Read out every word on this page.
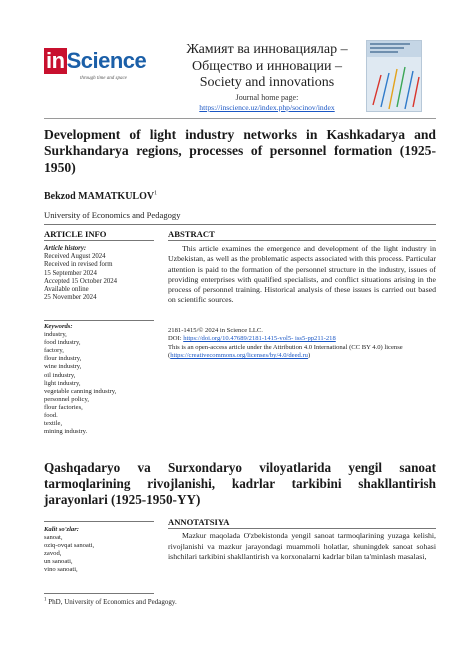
inScience
through time and space
Жамият ва инновациялар –
Общество и инновации –
Society and innovations
Journal home page:
https://inscience.uz/index.php/socinov/index
Development of light industry networks in Kashkadarya and Surkhandarya regions, processes of personnel formation (1925-1950)
Bekzod MAMATKULOV$^1$
University of Economics and Pedagogy
ARTICLE INFO	ABSTRACT
Article history:
Received August 2024
Received in revised form
15 September 2024
Accepted 15 October 2024
Available online
25 November 2024
Keywords:
industry,
food industry,
factory,
flour industry,
wine industry,
oil industry,
light industry,
vegetable canning industry,
personnel policy,
flour factories,
food.
textile,
mining industry.

This article examines the emergence and development of the light industry in Uzbekistan, as well as the problematic aspects associated with this process. Particular attention is paid to the formation of the personnel structure in the industry, issues of providing enterprises with qualified specialists, and conflict situations arising in the process of personnel training. Historical analysis of these issues is carried out based on scientific sources.

2181-1415/© 2024 in Science LLC.
DOI: https://doi.org/10.47689/2181-1415-vol5- iss5-pp211-218
This is an open-access article under the Attribution 4.0 International (CC BY 4.0) license (https://creativecommons.org/licenses/by/4.0/deed.ru)
Qashqadaryo va Surxondaryo viloyatlarida yengil sanoat tarmoqlarining rivojlanishi, kadrlar tarkibini shakllantirish jarayonlari (1925-1950-YY)
Kalit so'zlar:
sanoat,
oziq-ovqat sanoati,
zavod,
un sanoati,
vino sanoati,
ANNOTATSIYA

Mazkur maqolada O'zbekistonda yengil sanoat tarmoqlarining yuzaga kelishi, rivojlanishi va mazkur jarayondagi muammoli holatlar, shuningdek sanoat sohasi ishchilari tarkibini shakllantirish va korxonalarni kadrlar bilan ta'minlash masalasi,

$^1$ PhD, University of Economics and Pedagogy.
